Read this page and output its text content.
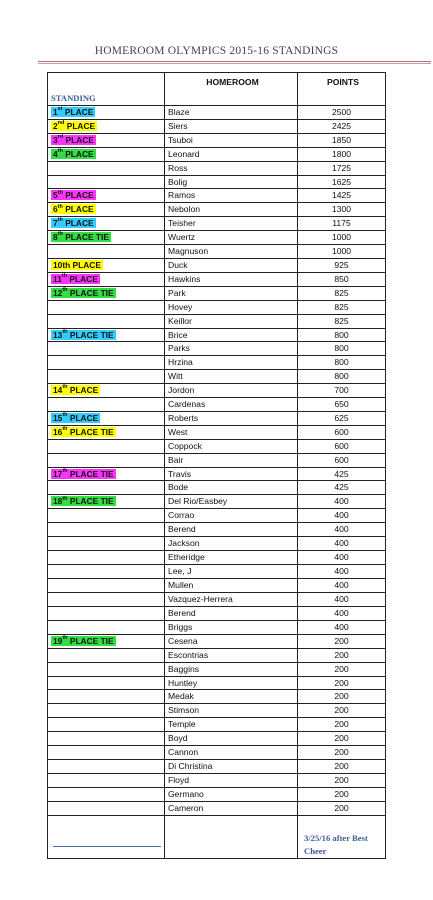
HOMEROOM OLYMPICS 2015-16 STANDINGS
STANDING	HOMEROOM	POINTS
1st PLACE	Blaze	2500
2nd PLACE	Siers	2425
3rd PLACE	Tsuboi	1850
4th PLACE	Leonard	1800
	Ross	1725
	Bolig	1625
5th PLACE	Ramos	1425
6th PLACE	Nebolon	1300
7th PLACE	Teisher	1175
8th PLACE TIE	Wuertz	1000
	Magnuson	1000
10th PLACE	Duck	925
11th PLACE	Hawkins	850
12th PLACE TIE	Park	825
	Hovey	825
	Keillor	825
13th PLACE TIE	Brice	800
	Parks	800
	Hrzina	800
	Witt	800
14th PLACE	Jordon	700
	Cardenas	650
15th PLACE	Roberts	625
16th PLACE TIE	West	600
	Coppock	600
	Bair	600
17th PLACE TIE	Travis	425
	Bode	425
18th PLACE TIE	Del Rio/Easbey	400
	Corrao	400
	Berend	400
	Jackson	400
	Etheridge	400
	Lee, J	400
	Mullen	400
	Vazquez-Herrera	400
	Berend	400
	Briggs	400
19th PLACE TIE	Cesena	200
	Escontrias	200
	Baggins	200
	Huntley	200
	Medak	200
	Stimson	200
	Temple	200
	Boyd	200
	Cannon	200
	Di Christina	200
	Floyd	200
	Germano	200
	Cameron	200

		3/25/16 after Best Cheer
